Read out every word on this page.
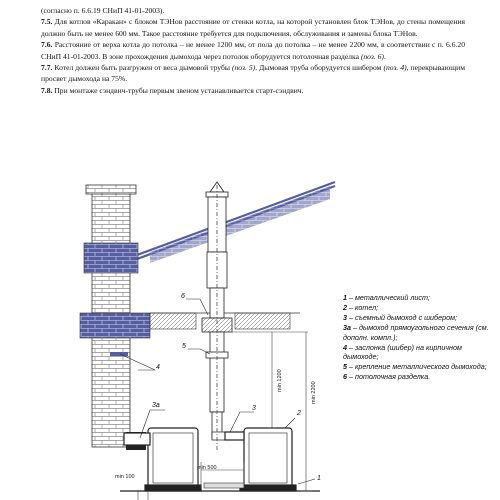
(согласно п. 6.6.19 СНиП 41-01-2003).

7.5. Для котлов «Каракан» с блоком ТЭНов расстояние от стенки котла, на которой установлен блок ТЭНов, до стены помещения должно быть не менее 600 мм. Такое расстояние требуется для подключения, обслуживания и замены блока ТЭНов.

7.6. Расстояние от верха котла до потолка – не менее 1200 мм, от пола до потолка – не менее 2200 мм, в соответствии с п. 6.6.20 СНиП 41-01-2003. В зоне прохождения дымохода через потолок оборудуется потолочная разделка (поз. 6).

7.7. Котел должен быть разгружен от веса дымовой трубы (поз. 5). Дымовая труба оборудуется шибером (поз. 4), перекрывающим просвет дымохода на 75%.

7.8. При монтаже сэндвич-трубы первым звеном устанавливается старт-сэндвич.

min 1200
min 2200
min 500
min 100
6
5
4
3а	3
2
1
1 – металлический лист;
2 – котел;
3 – съемный дымоход с шибером;
3а – дымоход прямоугольного сечения (см. дополн. компл.);
4 – заслонка (шибер) на кирпичном дымоходе;
5 – крепление металлического дымохода;
6 – потолочная разделка.
